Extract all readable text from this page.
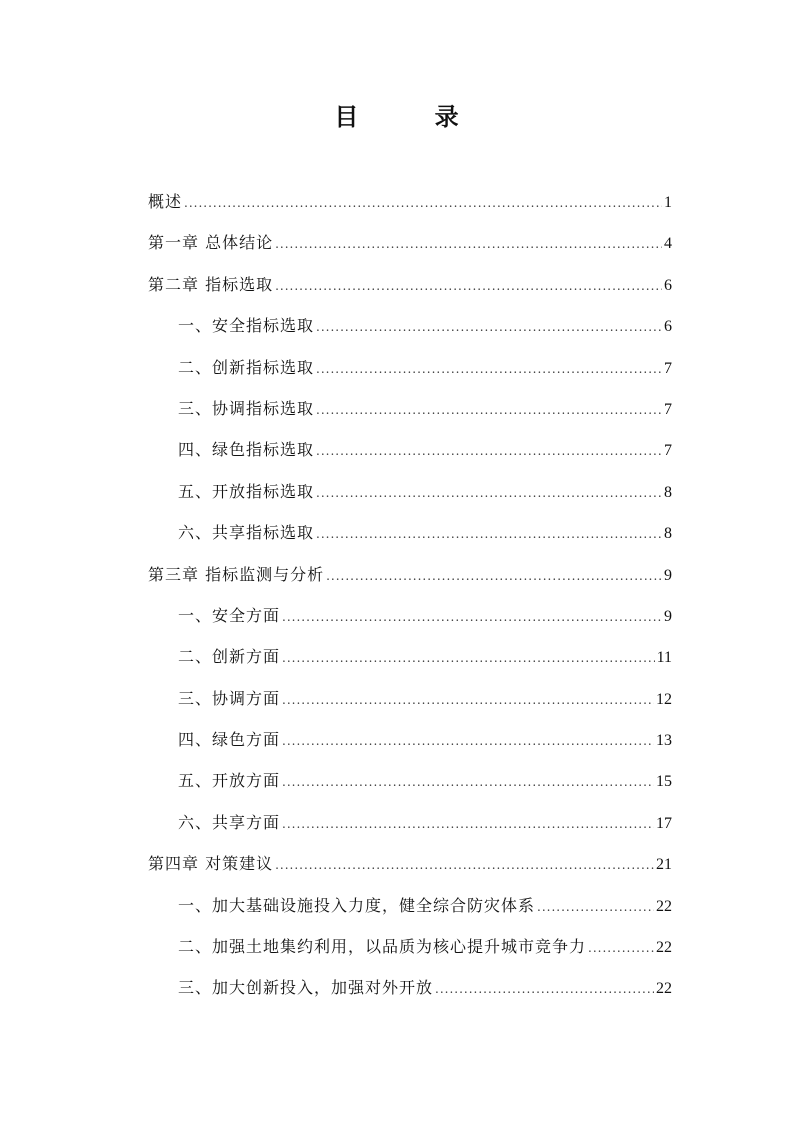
目 录
概述 .....	1
第一章 总体结论 .....	4
第二章 指标选取 .....	6
一、安全指标选取 .....	6
二、创新指标选取 .....	7
三、协调指标选取 .....	7
四、绿色指标选取 .....	7
五、开放指标选取 .....	8
六、共享指标选取 .....	8
第三章 指标监测与分析 .....	9
一、安全方面 .....	9
二、创新方面 .....	11
三、协调方面 .....	12
四、绿色方面 .....	13
五、开放方面 .....	15
六、共享方面 .....	17
第四章 对策建议 .....	21
一、加大基础设施投入力度，健全综合防灾体系 .....	22
二、加强土地集约利用，以品质为核心提升城市竞争力 .....	22
三、加大创新投入，加强对外开放 .....	22
